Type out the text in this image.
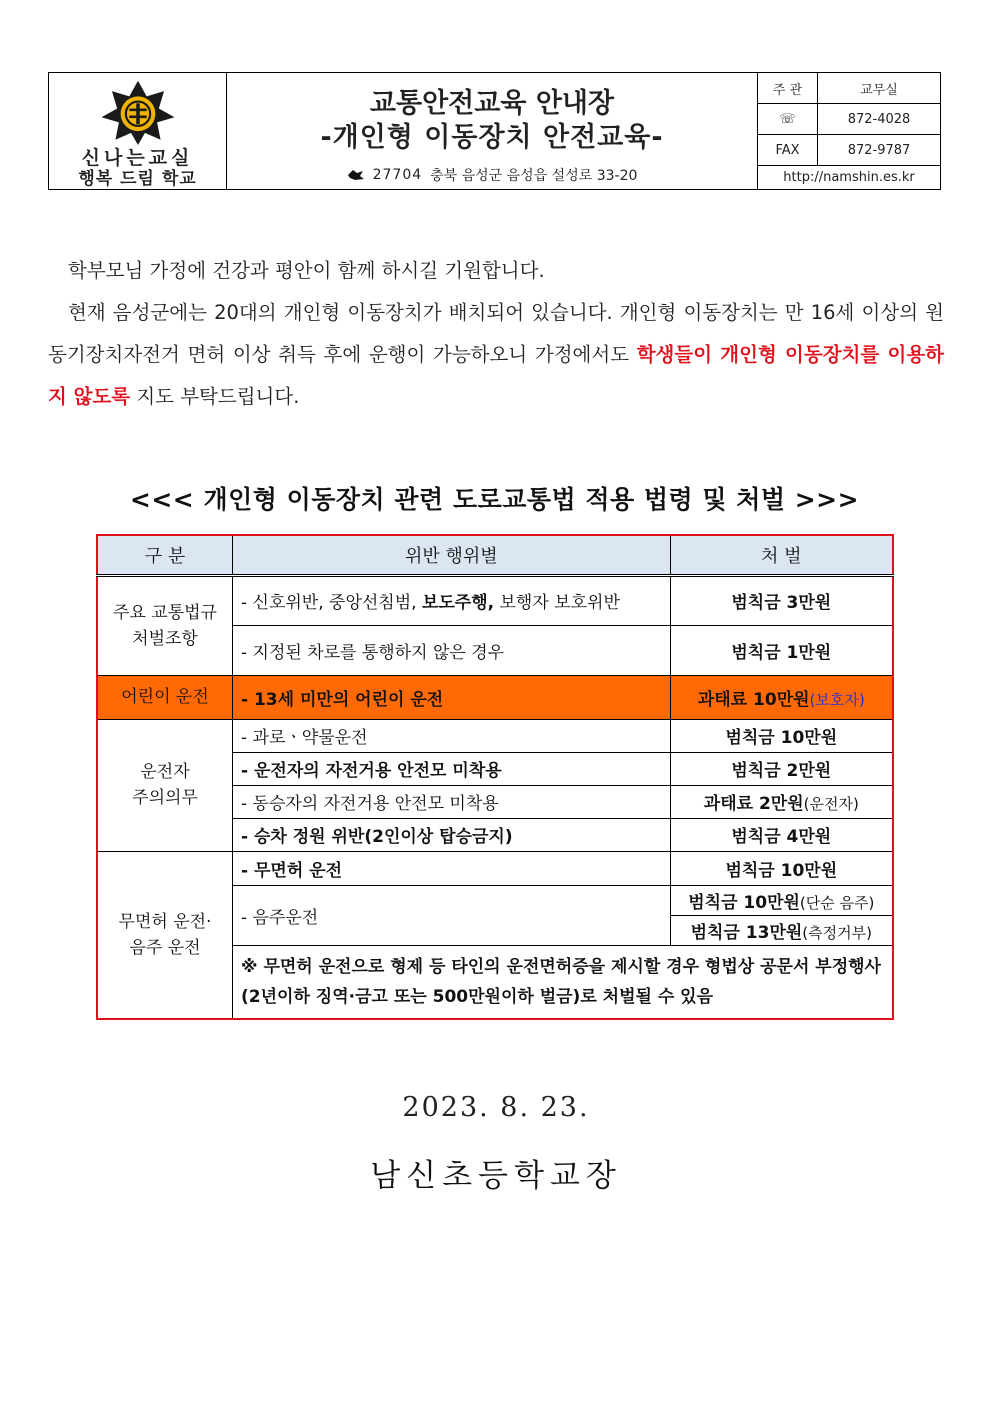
신나는교실
행복 드림 학교
교통안전교육 안내장
-개인형 이동장치 안전교육-
27704 충북 음성군 음성읍 설성로 33-20
주 관	교무실
☏	872-4028
FAX	872-9787
http://namshin.es.kr
학부모님 가정에 건강과 평안이 함께 하시길 기원합니다.
현재 음성군에는 20대의 개인형 이동장치가 배치되어 있습니다. 개인형 이동장치는 만 16세 이상의 원동기장치자전거 면허 이상 취득 후에 운행이 가능하오니 가정에서도 학생들이 개인형 이동장치를 이용하지 않도록 지도 부탁드립니다.
<<< 개인형 이동장치 관련 도로교통법 적용 법령 및 처벌 >>>
구 분	위반 행위별	처 벌

주요 교통법규 처벌조항	- 신호위반, 중앙선침범, 보도주행, 보행자 보호위반	범칙금 3만원
	- 지정된 차로를 통행하지 않은 경우	범칙금 1만원
어린이 운전	- 13세 미만의 어린이 운전	과태료 10만원(보호자)

운전자 주의의무	- 과로ㆍ약물운전	범칙금 10만원
	- 운전자의 자전거용 안전모 미착용	범칙금 2만원
	- 동승자의 자전거용 안전모 미착용	과태료 2만원(운전자)
	- 승차 정원 위반(2인이상 탑승금지)	범칙금 4만원

무면허 운전· 음주 운전	- 무면허 운전	범칙금 10만원
	- 음주운전	범칙금 10만원(단순 음주)
		범칙금 13만원(측정거부)
	※ 무면허 운전으로 형제 등 타인의 운전면허증을 제시할 경우 형법상 공문서 부정행사(2년이하 징역·금고 또는 500만원이하 벌금)로 처벌될 수 있음	
2023. 8. 23.
남신초등학교장
